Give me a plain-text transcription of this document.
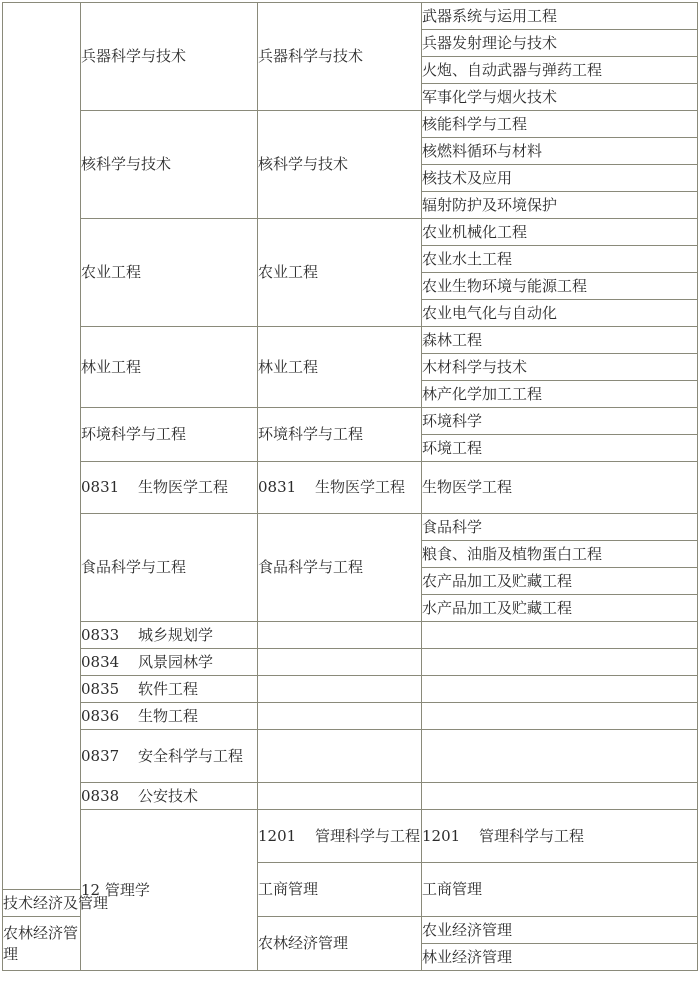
	兵器科学与技术	兵器科学与技术	武器系统与运用工程	
			兵器发射理论与技术	
			火炮、自动武器与弹药工程	
			军事化学与烟火技术	
	核科学与技术	核科学与技术	核能科学与工程	
			核燃料循环与材料	
			核技术及应用	
			辐射防护及环境保护	
	农业工程	农业工程	农业机械化工程	
			农业水土工程	
			农业生物环境与能源工程	
			农业电气化与自动化	
	林业工程	林业工程	森林工程	
			木材科学与技术	
			林产化学加工工程	
	环境科学与工程	环境科学与工程	环境科学	
			环境工程	
	0831 生物医学工程	0831 生物医学工程	生物医学工程	
	食品科学与工程	食品科学与工程	食品科学	
			粮食、油脂及植物蛋白工程	
			农产品加工及贮藏工程	
			水产品加工及贮藏工程	
	0833 城乡规划学			
	0834 风景园林学			
	0835 软件工程			
	0836 生物工程			
	0837 安全科学与工程			
	0838 公安技术			
	12 管理学	1201 管理科学与工程	1201 管理科学与工程	
		工商管理	工商管理	
技术经济及管理				
农林经济管理		农林经济管理	农业经济管理	
			林业经济管理	
